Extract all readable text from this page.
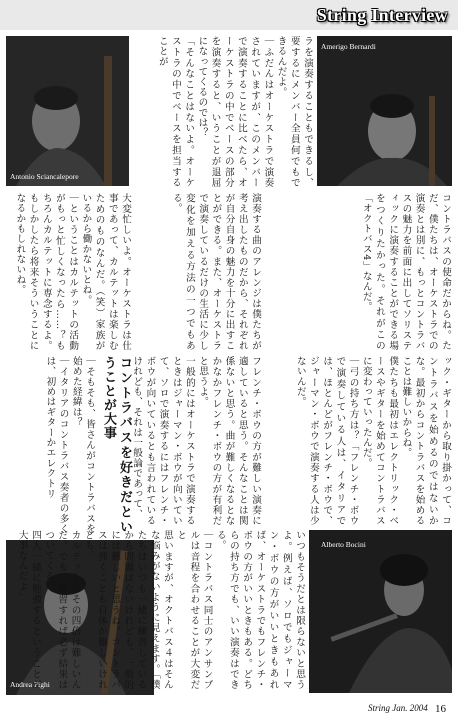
String Interview
Antonio Sciancalepore
Amerigo Bernardi
Alberto Bocini
Andrea Pighi

コントラバスの使命だからね。ただ、僕たちは、オーケストラでの演奏とは別に、もっとコントラバスの魅力を前面に出してソリスティックに演奏することができる場をつくりたかった。それがこの「オクトバス4」なんだ。

演奏する曲のアレンジは僕たちが考え出したものだから、それぞれが自分自身の魅力を十分に出すことができる。また、オーケストラで演奏しているだけの生活に少し変化を加える方法の一つでもある。

ラを演奏することもできるし、要するにメンバー全員何でもできるんだよ。

｜ふだんはオーケストラで演奏されていますが、このメンバーで演奏することに比べたら、オーケストラの中でベースの部分を演奏すると、いうことが退屈になってくるのでは？

「そんなことはないよ。オーケストラの中でベースを担当することが

大変忙しいよ。オーケストラは仕事であって、カルテットは楽しむためのものなんだ。（笑）家族がいるから働かないとね。

｜ということはカルテットの活動がもっと忙しくなったら……？もちろんカルテットに専念するよ。もしかしたら将来そういうことになるかもしれないね。

ック・ギターから取り掛かって、コントラバスを始めるのではないかな。最初からコントラバスを始めることは難しいからね。

僕たちも最初はエレクトリック・ベースやギターを始めてコントラバスに変わっていったんだ。

｜弓の持ち方は？「フレンチ・ボウで演奏している人は、イタリアでは、ほとんどがフレンチ・ボウで、ジャーマン・ボウで演奏する人は少ないんだ。

フレンチ・ボウの方が難しい演奏に適していると思う。そんなことは関係ないと思う。曲が難しくなるとなかなかフレンチ・ボウの方が有利だと思うよ。

一般的にはオーケストラで演奏するときはジャーマン・ボウが向いていて、ソロで演奏するにはフレンチ・ボウが向いているとも言われているけれども、それは一般論であって、

コントラバスを好きだということが大事

｜そもそも、皆さんがコントラバスを始めた経緯は？

｜イタリアのコントラバス奏者の多くは、初めはギターかエレクトリ

いつもそうだとは限らないと思うよ。例えば、ソロでもジャーマン・ボウの方がいいときもあれば、オーケストラでもフレンチ・ボウの方がいいときもある。どちらの持ち方でも、いい演奏はできる。

｜コントラバス同士のアンサンブルは音程を合わせることが大変だと

思いますが、オクトバス４はそんな悩みがないように見えます。「僕たちはいつも一緒に練習しているから問題はないけれども、一般的には難しいと思うね。コントラバスは弾くことも自体が難しいけれども、

カルテットはその四倍は難しいんだ。でも、練習すれば必ず結果はついてくる。

四人一緒に勉強するということが大事なんだよ」

String Jan. 2004 16
